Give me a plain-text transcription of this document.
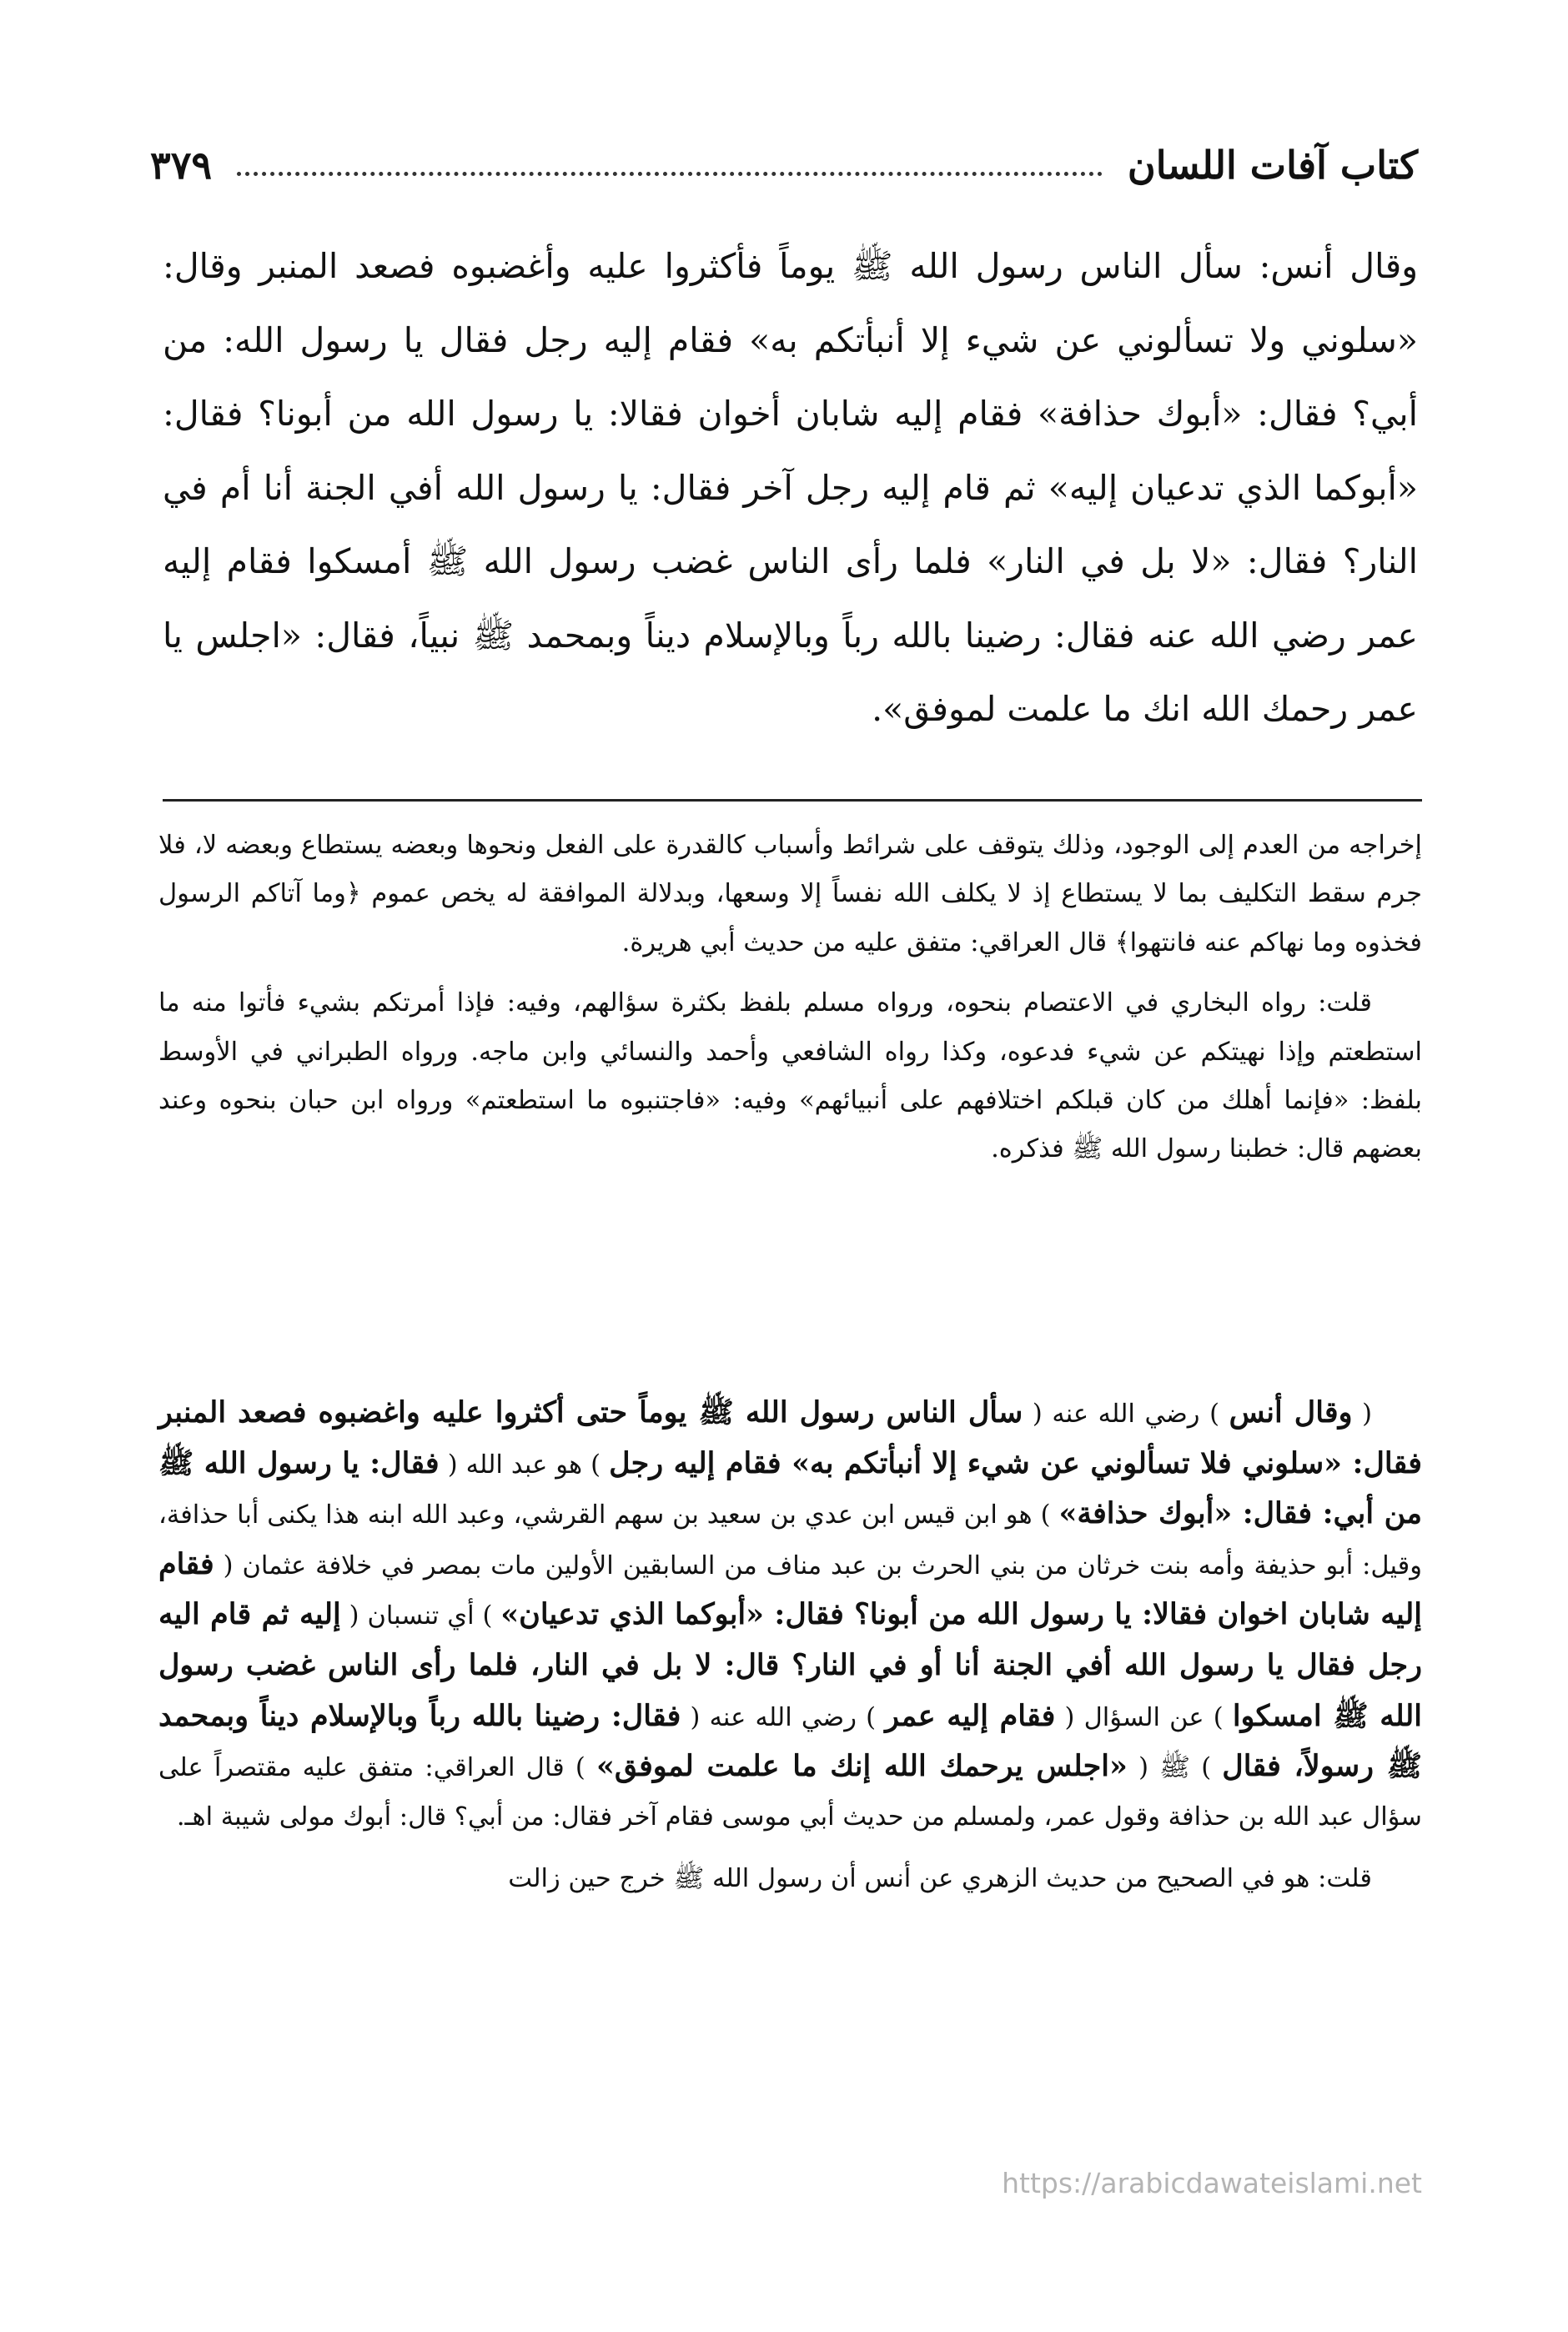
كتاب آفات اللسان
٣٧٩

وقال أنس: سأل الناس رسول الله ﷺ يوماً فأكثروا عليه وأغضبوه فصعد المنبر وقال: «سلوني ولا تسألوني عن شيء إلا أنبأتكم به» فقام إليه رجل فقال يا رسول الله: من أبي؟ فقال: «أبوك حذافة» فقام إليه شابان أخوان فقالا: يا رسول الله من أبونا؟ فقال: «أبوكما الذي تدعيان إليه» ثم قام إليه رجل آخر فقال: يا رسول الله أفي الجنة أنا أم في النار؟ فقال: «لا بل في النار» فلما رأى الناس غضب رسول الله ﷺ أمسكوا فقام إليه عمر رضي الله عنه فقال: رضينا بالله رباً وبالإسلام ديناً وبمحمد ﷺ نبياً، فقال: «اجلس يا عمر رحمك الله انك ما علمت لموفق».

إخراجه من العدم إلى الوجود، وذلك يتوقف على شرائط وأسباب كالقدرة على الفعل ونحوها وبعضه يستطاع وبعضه لا، فلا جرم سقط التكليف بما لا يستطاع إذ لا يكلف الله نفساً إلا وسعها، وبدلالة الموافقة له يخص عموم ﴿وما آتاكم الرسول فخذوه وما نهاكم عنه فانتهوا﴾ قال العراقي: متفق عليه من حديث أبي هريرة.

قلت: رواه البخاري في الاعتصام بنحوه، ورواه مسلم بلفظ بكثرة سؤالهم، وفيه: فإذا أمرتكم بشيء فأتوا منه ما استطعتم وإذا نهيتكم عن شيء فدعوه، وكذا رواه الشافعي وأحمد والنسائي وابن ماجه. ورواه الطبراني في الأوسط بلفظ: «فإنما أهلك من كان قبلكم اختلافهم على أنبيائهم» وفيه: «فاجتنبوه ما استطعتم» ورواه ابن حبان بنحوه وعند بعضهم قال: خطبنا رسول الله ﷺ فذكره.

( وقال أنس ) رضي الله عنه ( سأل الناس رسول الله ﷺ يوماً حتى أكثروا عليه واغضبوه فصعد المنبر فقال: «سلوني فلا تسألوني عن شيء إلا أنبأتكم به» فقام إليه رجل ) هو عبد الله ( فقال: يا رسول الله ﷺ من أبي: فقال: «أبوك حذافة» ) هو ابن قيس ابن عدي بن سعيد بن سهم القرشي، وعبد الله ابنه هذا يكنى أبا حذافة، وقيل: أبو حذيفة وأمه بنت خرثان من بني الحرث بن عبد مناف من السابقين الأولين مات بمصر في خلافة عثمان ( فقام إليه شابان اخوان فقالا: يا رسول الله من أبونا؟ فقال: «أبوكما الذي تدعيان» ) أي تنسبان ( إليه ثم قام اليه رجل فقال يا رسول الله أفي الجنة أنا أو في النار؟ قال: لا بل في النار، فلما رأى الناس غضب رسول الله ﷺ امسكوا ) عن السؤال ( فقام إليه عمر ) رضي الله عنه ( فقال: رضينا بالله رباً وبالإسلام ديناً وبمحمد ﷺ رسولاً، فقال ) ﷺ ( «اجلس يرحمك الله إنك ما علمت لموفق» ) قال العراقي: متفق عليه مقتصراً على سؤال عبد الله بن حذافة وقول عمر، ولمسلم من حديث أبي موسى فقام آخر فقال: من أبي؟ قال: أبوك مولى شيبة اهـ.

قلت: هو في الصحيح من حديث الزهري عن أنس أن رسول الله ﷺ خرج حين زالت

https://arabicdawateislami.net
